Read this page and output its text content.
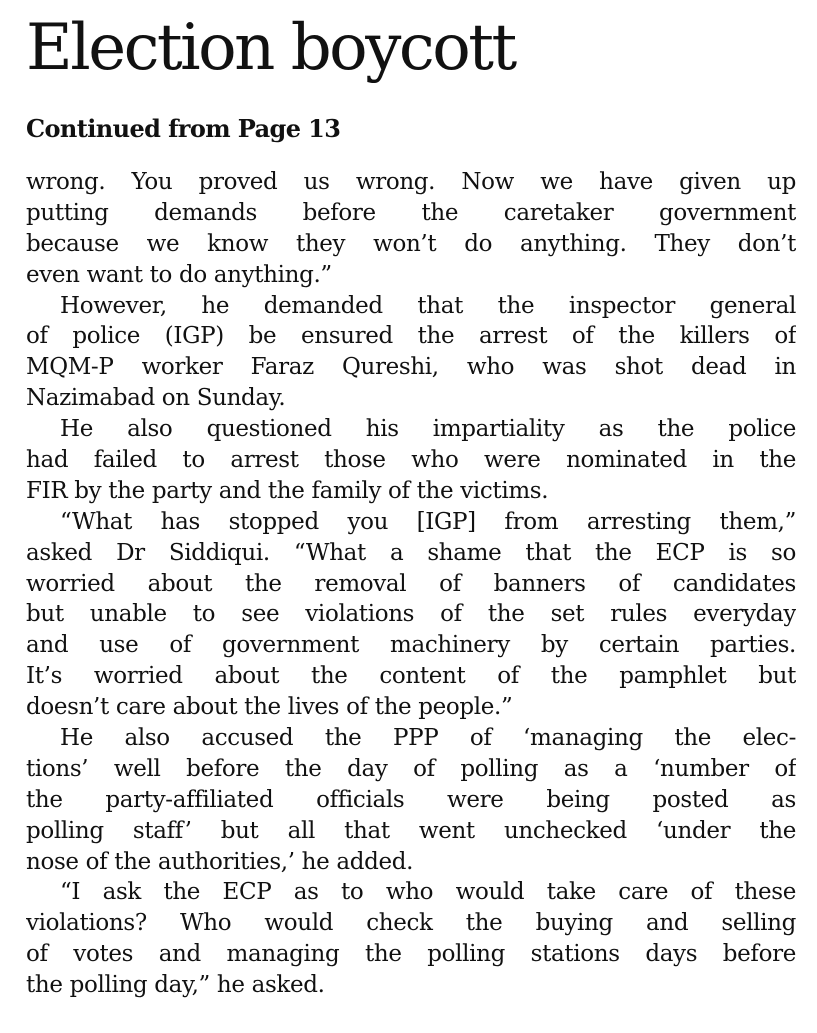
Election boycott
Continued from Page 13
wrong. You proved us wrong. Now we have given up
putting demands before the caretaker government
because we know they won’t do anything. They don’t
even want to do anything.”
However, he demanded that the inspector general
of police (IGP) be ensured the arrest of the killers of
MQM-P worker Faraz Qureshi, who was shot dead in
Nazimabad on Sunday.
He also questioned his impartiality as the police
had failed to arrest those who were nominated in the
FIR by the party and the family of the victims.
“What has stopped you [IGP] from arresting them,”
asked Dr Siddiqui. “What a shame that the ECP is so
worried about the removal of banners of candidates
but unable to see violations of the set rules everyday
and use of government machinery by certain parties.
It’s worried about the content of the pamphlet but
doesn’t care about the lives of the people.”
He also accused the PPP of ‘managing the elec-
tions’ well before the day of polling as a ‘number of
the party-affiliated officials were being posted as
polling staff’ but all that went unchecked ‘under the
nose of the authorities,’ he added.
“I ask the ECP as to who would take care of these
violations? Who would check the buying and selling
of votes and managing the polling stations days before
the polling day,” he asked.
